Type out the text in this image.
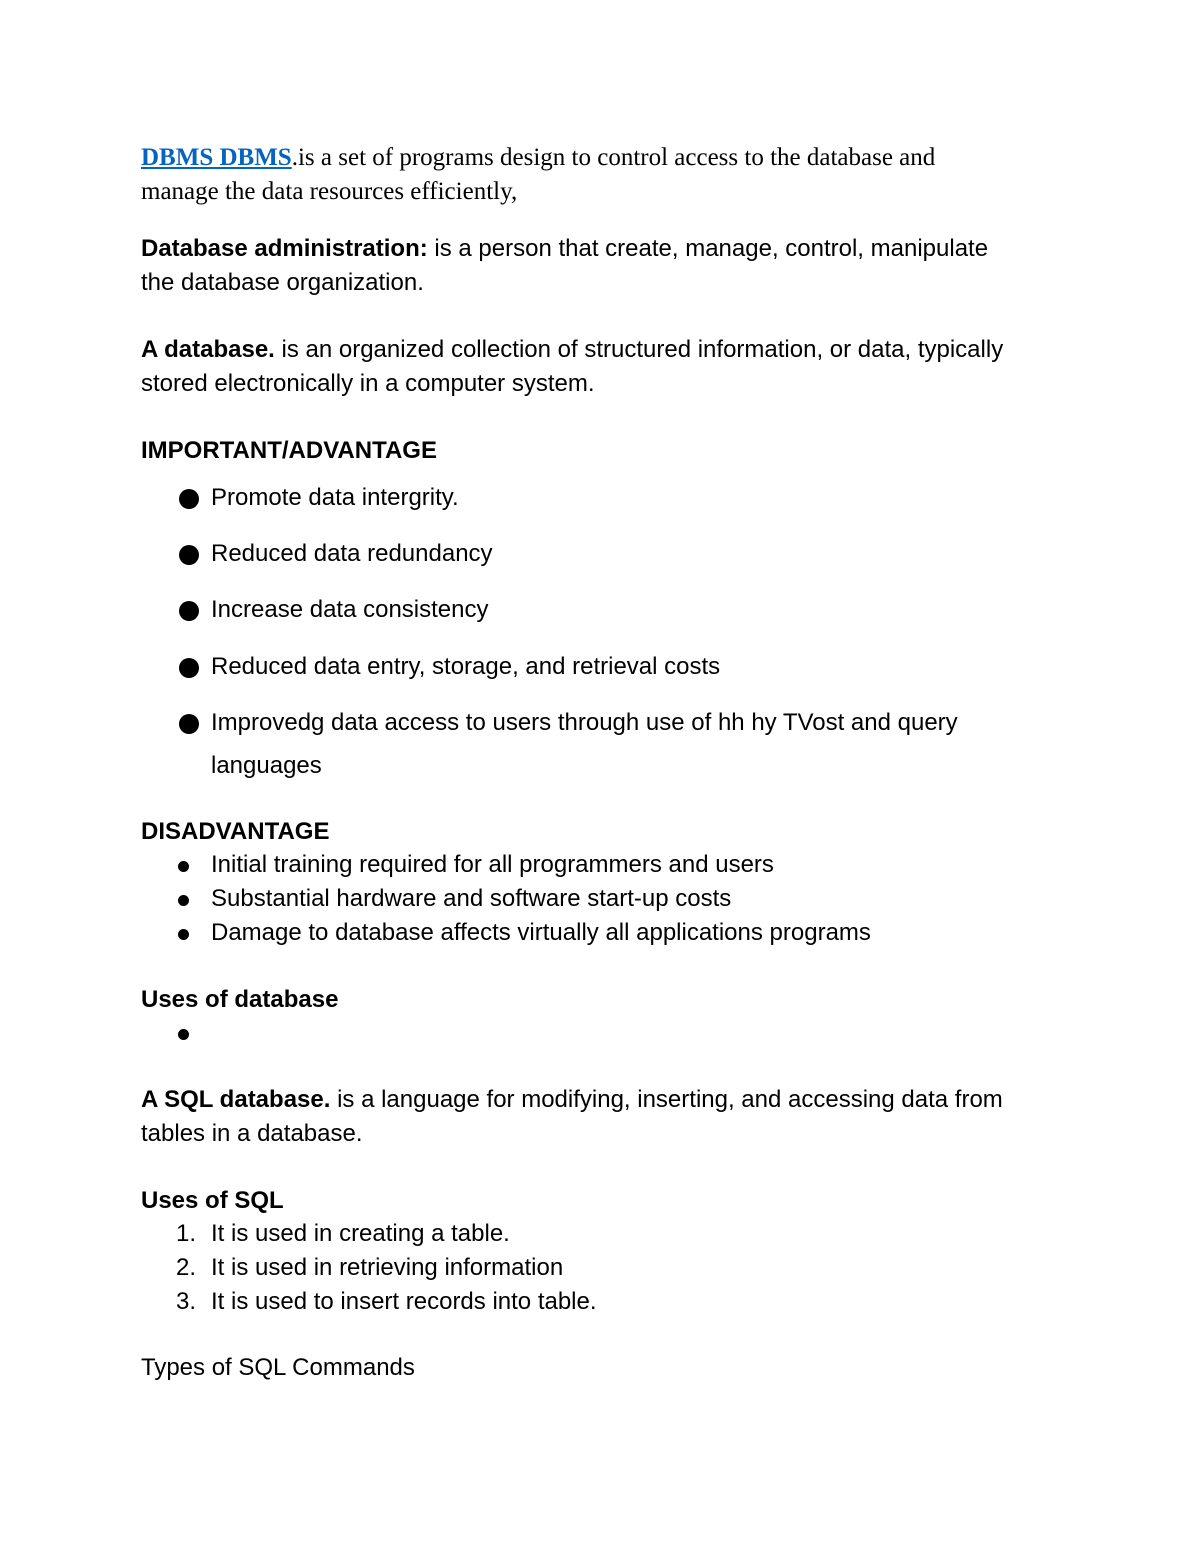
DBMS DBMS.is a set of programs design to control access to the database and
manage the data resources efficiently,
Database administration: is a person that create, manage, control, manipulate
the database organization.
A database. is an organized collection of structured information, or data, typically
stored electronically in a computer system.
IMPORTANT/ADVANTAGE
Promote data intergrity.
Reduced data redundancy
Increase data consistency
Reduced data entry, storage, and retrieval costs
Improvedg data access to users through use of hh hy TVost and query
languages
DISADVANTAGE
Initial training required for all programmers and users
Substantial hardware and software start-up costs
Damage to database affects virtually all applications programs
Uses of database
A SQL database. is a language for modifying, inserting, and accessing data from
tables in a database.
Uses of SQL
1. It is used in creating a table.
2. It is used in retrieving information
3. It is used to insert records into table.
Types of SQL Commands
